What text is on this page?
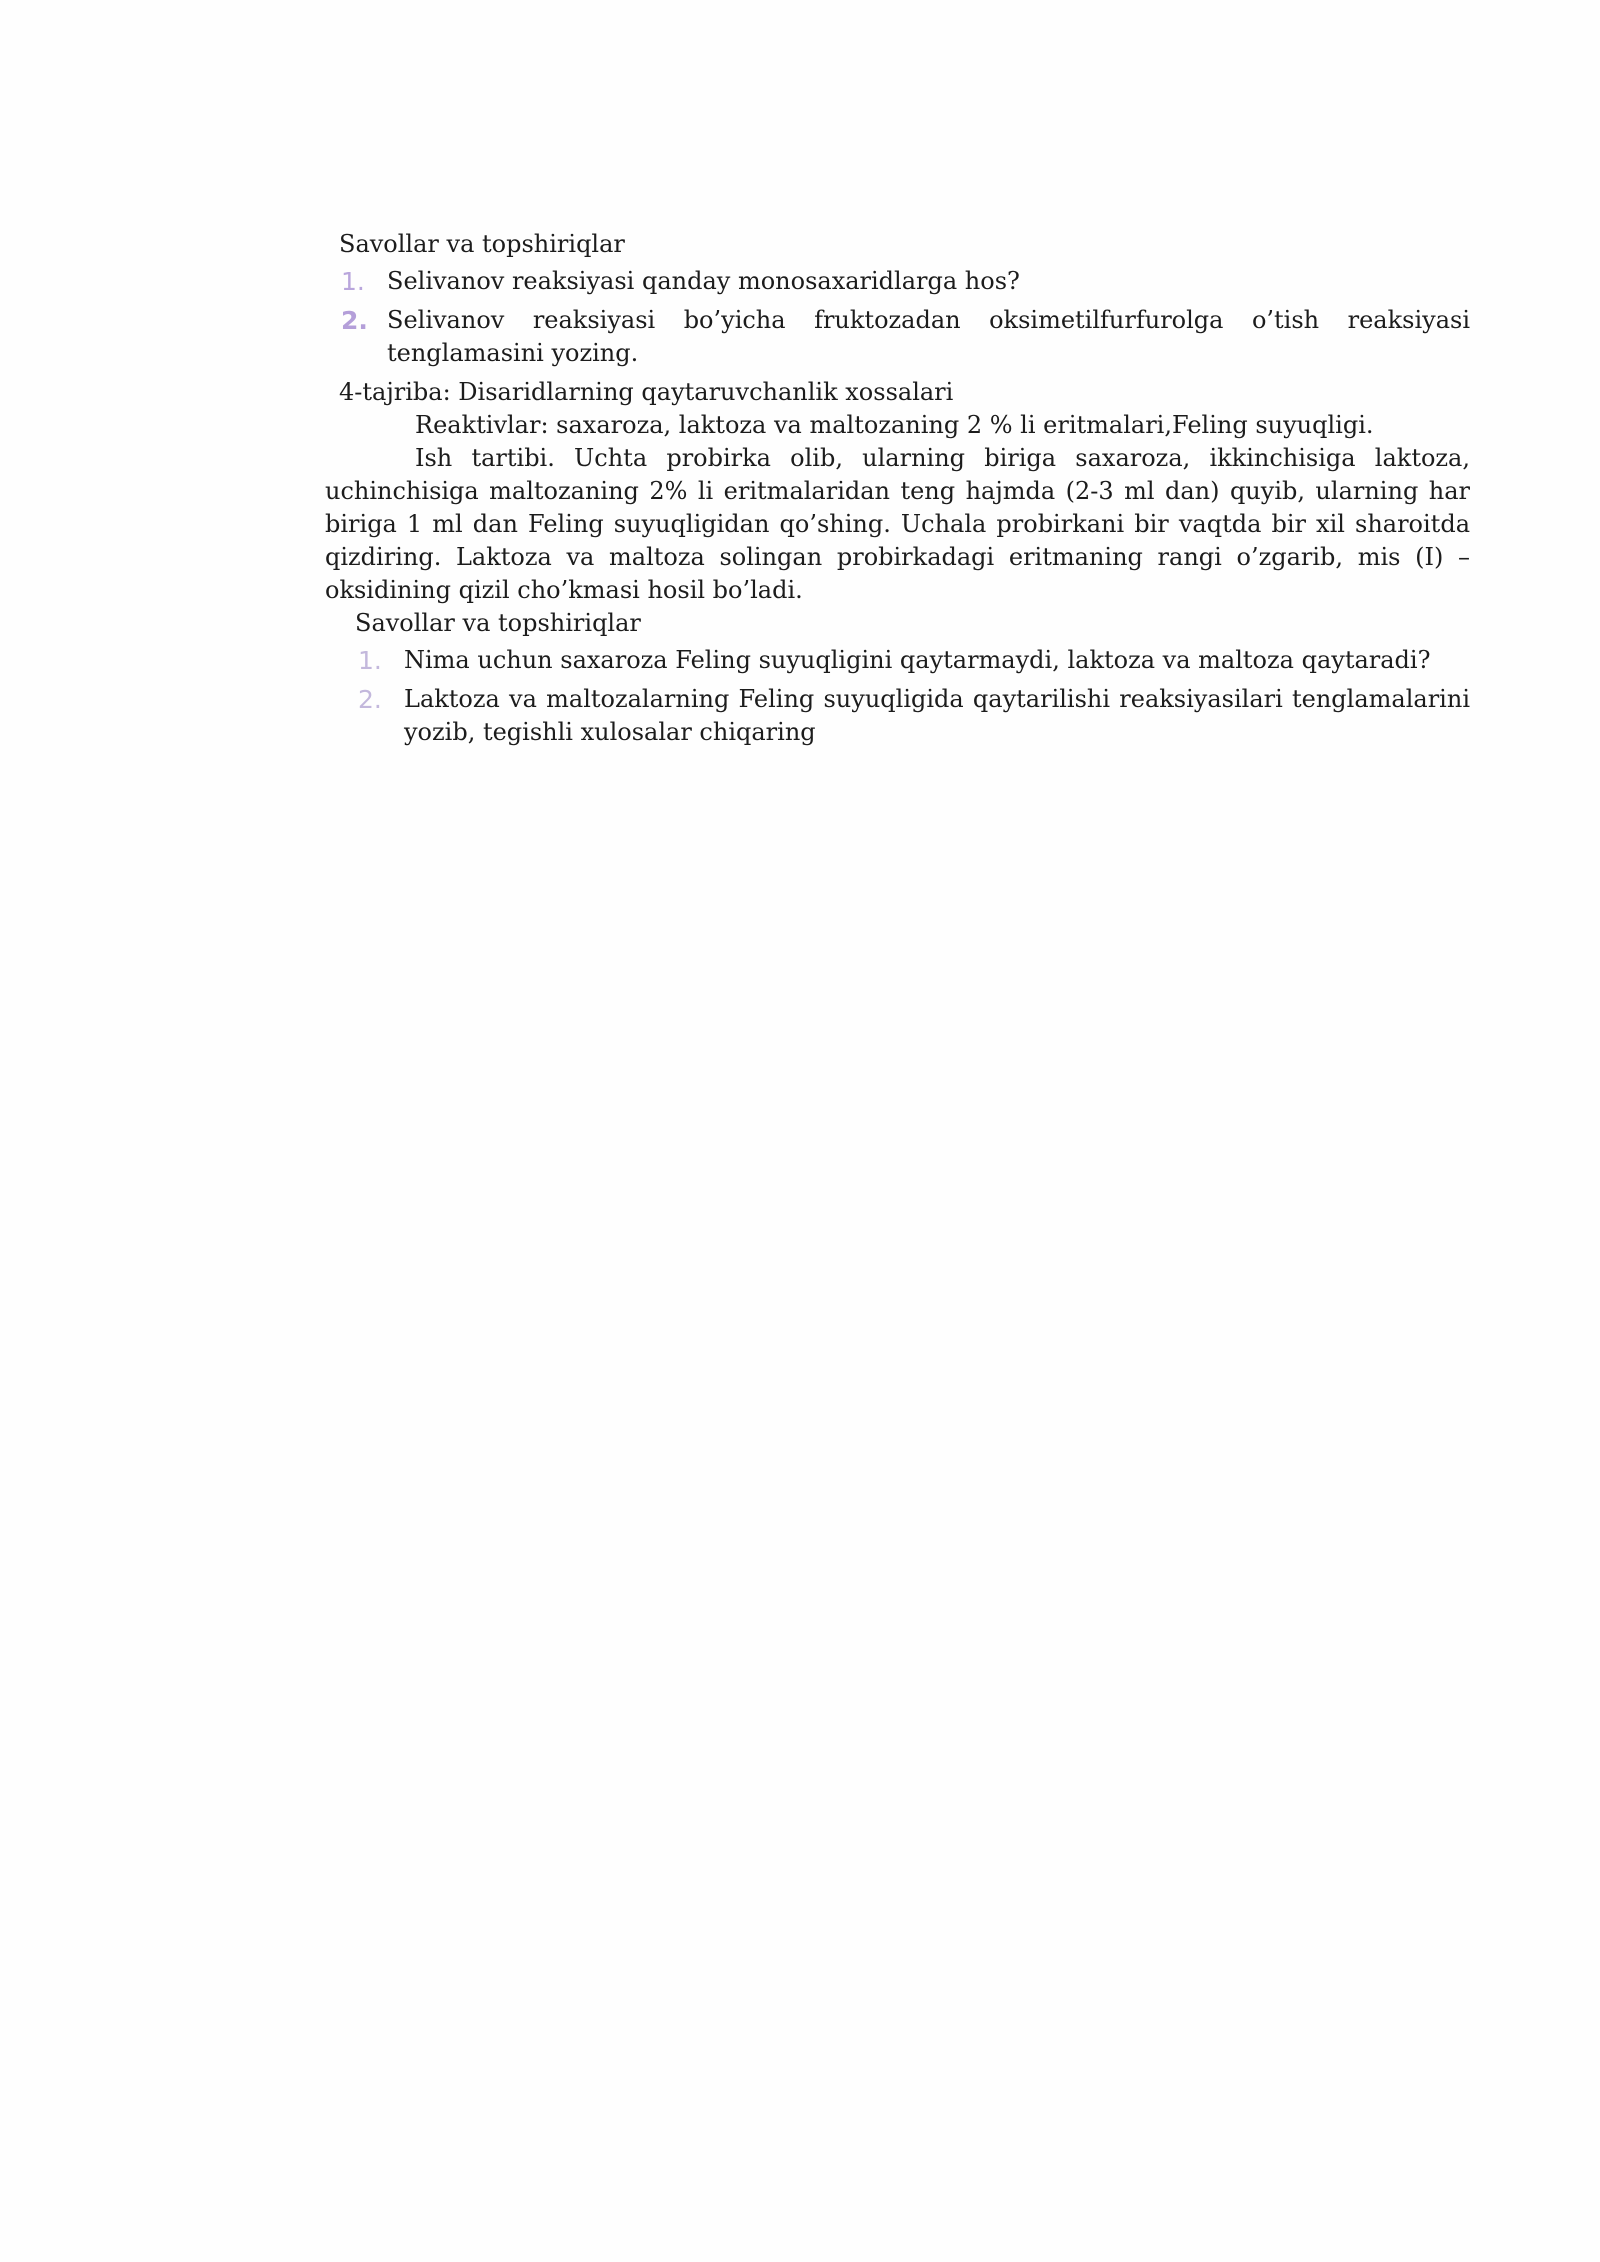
Savollar va topshiriqlar

1. Selivanov reaksiyasi qanday monosaxaridlarga hos?
2. Selivanov reaksiyasi bo’yicha fruktozadan oksimetilfurfurolga o’tish reaksiyasi tenglamasini yozing.

4-tajriba: Disaridlarning qaytaruvchanlik xossalari

Reaktivlar: saxaroza, laktoza va maltozaning 2 % li eritmalari,Feling suyuqligi.

Ish tartibi. Uchta probirka olib, ularning biriga saxaroza, ikkinchisiga laktoza, uchinchisiga maltozaning 2% li eritmalaridan teng hajmda (2-3 ml dan) quyib, ularning har biriga 1 ml dan Feling suyuqligidan qo’shing. Uchala probirkani bir vaqtda bir xil sharoitda qizdiring. Laktoza va maltoza solingan probirkadagi eritmaning rangi o’zgarib, mis (I) – oksidining qizil cho’kmasi hosil bo’ladi.

Savollar va topshiriqlar

1. Nima uchun saxaroza Feling suyuqligini qaytarmaydi, laktoza va maltoza qaytaradi?
2. Laktoza va maltozalarning Feling suyuqligida qaytarilishi reaksiyasilari tenglamalarini yozib, tegishli xulosalar chiqaring
